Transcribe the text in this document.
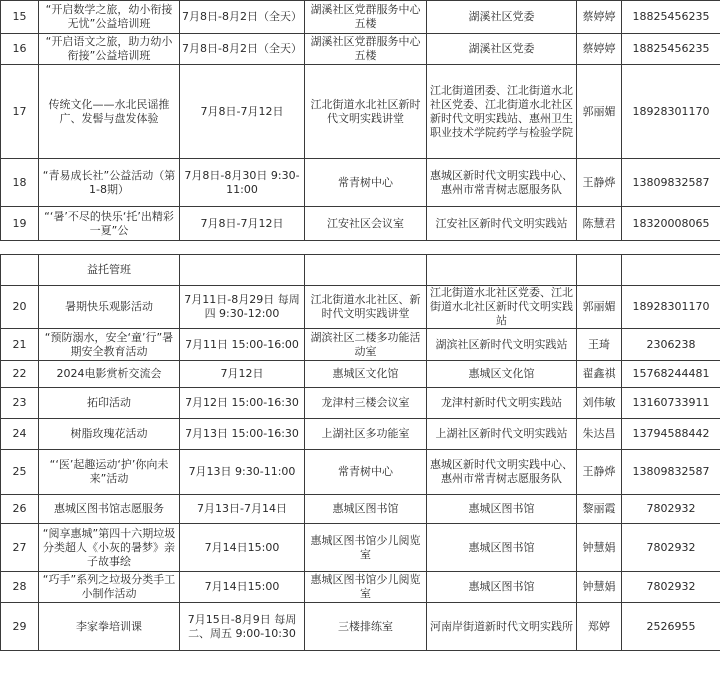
15	“开启数学之旅，幼小衔接无忧”公益培训班	7月8日-8月2日（全天）	湖溪社区党群服务中心五楼	湖溪社区党委	蔡婷婷	18825456235
16	“开启语文之旅，助力幼小衔接”公益培训班	7月8日-8月2日（全天）	湖溪社区党群服务中心五楼	湖溪社区党委	蔡婷婷	18825456235
17	传统文化——水北民谣推广、发髻与盘发体验	7月8日-7月12日	江北街道水北社区新时代文明实践讲堂	江北街道团委、江北街道水北社区党委、江北街道水北社区新时代文明实践站、惠州卫生职业技术学院药学与检验学院	郭丽媚	18928301170
18	“青易成长社”公益活动（第1-8期）	7月8日-8月30日 9:30-11:00	常青树中心	惠城区新时代文明实践中心、惠州市常青树志愿服务队	王静烨	13809832587
19	“‘暑’不尽的快乐‘托’出精彩一夏”公	7月8日-7月12日	江安社区会议室	江安社区新时代文明实践站	陈慧君	18320008065
	益托管班					
20	暑期快乐观影活动	7月11日-8月29日 每周四 9:30-12:00	江北街道水北社区、新时代文明实践讲堂	江北街道水北社区党委、江北街道水北社区新时代文明实践站	郭丽媚	18928301170
21	“预防溺水，安全‘童’行”暑期安全教育活动	7月11日 15:00-16:00	湖滨社区二楼多功能活动室	湖滨社区新时代文明实践站	王琦	2306238
22	2024电影赏析交流会	7月12日	惠城区文化馆	惠城区文化馆	翟鑫祺	15768244481
23	拓印活动	7月12日 15:00-16:30	龙津村三楼会议室	龙津村新时代文明实践站	刘伟敏	13160733911
24	树脂玫瑰花活动	7月13日 15:00-16:30	上湖社区多功能室	上湖社区新时代文明实践站	朱达昌	13794588442
25	“‘医’起趣运动‘护’你向未来”活动	7月13日 9:30-11:00	常青树中心	惠城区新时代文明实践中心、惠州市常青树志愿服务队	王静烨	13809832587
26	惠城区图书馆志愿服务	7月13日-7月14日	惠城区图书馆	惠城区图书馆	黎丽霞	7802932
27	“阅享惠城”第四十六期垃圾分类超人《小灰的暑梦》亲子故事绘	7月14日15:00	惠城区图书馆少儿阅览室	惠城区图书馆	钟慧娟	7802932
28	“巧手”系列之垃圾分类手工小制作活动	7月14日15:00	惠城区图书馆少儿阅览室	惠城区图书馆	钟慧娟	7802932
29	李家拳培训课	7月15日-8月9日 每周二、周五 9:00-10:30	三楼排练室	河南岸街道新时代文明实践所	郑婷	2526955
